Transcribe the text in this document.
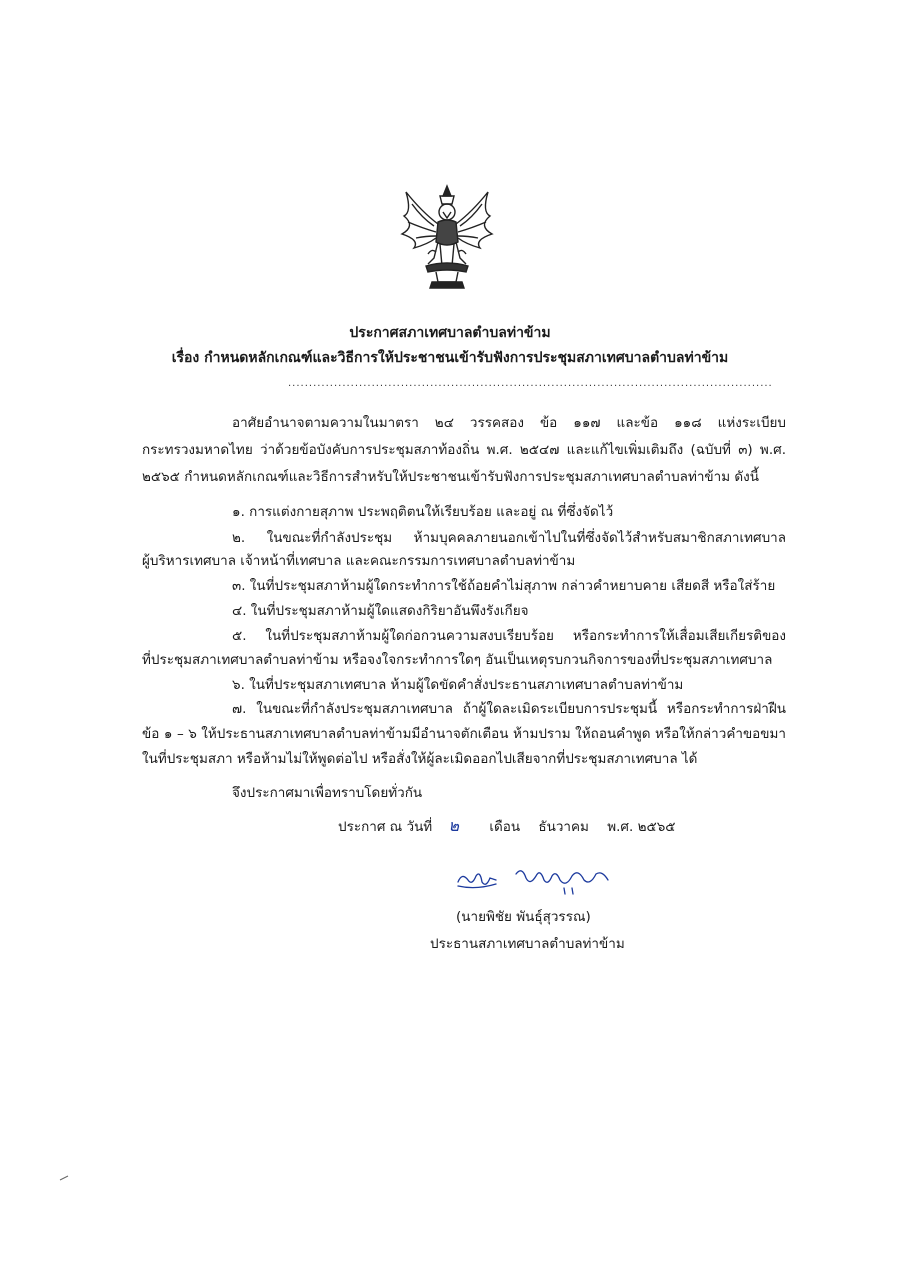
ประกาศสภาเทศบาลตำบลท่าข้าม
เรื่อง กำหนดหลักเกณฑ์และวิธีการให้ประชาชนเข้ารับฟังการประชุมสภาเทศบาลตำบลท่าข้าม
....................................................................................................................
อาศัยอำนาจตามความในมาตรา ๒๔ วรรคสอง ข้อ ๑๑๗ และข้อ ๑๑๘ แห่งระเบียบ
กระทรวงมหาดไทย ว่าด้วยข้อบังคับการประชุมสภาท้องถิ่น พ.ศ. ๒๕๔๗ และแก้ไขเพิ่มเติมถึง (ฉบับที่ ๓) พ.ศ.
๒๕๖๕ กำหนดหลักเกณฑ์และวิธีการสำหรับให้ประชาชนเข้ารับฟังการประชุมสภาเทศบาลตำบลท่าข้าม ดังนี้
๑. การแต่งกายสุภาพ ประพฤติตนให้เรียบร้อย และอยู่ ณ ที่ซึ่งจัดไว้
๒. ในขณะที่กำลังประชุม ห้ามบุคคลภายนอกเข้าไปในที่ซึ่งจัดไว้สำหรับสมาชิกสภาเทศบาล
ผู้บริหารเทศบาล เจ้าหน้าที่เทศบาล และคณะกรรมการเทศบาลตำบลท่าข้าม
๓. ในที่ประชุมสภาห้ามผู้ใดกระทำการใช้ถ้อยคำไม่สุภาพ กล่าวคำหยาบคาย เสียดสี หรือใส่ร้าย
๔. ในที่ประชุมสภาห้ามผู้ใดแสดงกิริยาอันพึงรังเกียจ
๕. ในที่ประชุมสภาห้ามผู้ใดก่อกวนความสงบเรียบร้อย หรือกระทำการให้เสื่อมเสียเกียรติของ
ที่ประชุมสภาเทศบาลตำบลท่าข้าม หรือจงใจกระทำการใดๆ อันเป็นเหตุรบกวนกิจการของที่ประชุมสภาเทศบาล
๖. ในที่ประชุมสภาเทศบาล ห้ามผู้ใดขัดคำสั่งประธานสภาเทศบาลตำบลท่าข้าม
๗. ในขณะที่กำลังประชุมสภาเทศบาล ถ้าผู้ใดละเมิดระเบียบการประชุมนี้ หรือกระทำการฝ่าฝืน
ข้อ ๑ – ๖ ให้ประธานสภาเทศบาลตำบลท่าข้ามมีอำนาจตักเตือน ห้ามปราม ให้ถอนคำพูด หรือให้กล่าวคำขอขมา
ในที่ประชุมสภา หรือห้ามไม่ให้พูดต่อไป หรือสั่งให้ผู้ละเมิดออกไปเสียจากที่ประชุมสภาเทศบาล ได้
จึงประกาศมาเพื่อทราบโดยทั่วกัน
ประกาศ ณ วันที่ ๒ เดือน ธันวาคม พ.ศ. ๒๕๖๕
(นายพิชัย พันธุ์สุวรรณ)
ประธานสภาเทศบาลตำบลท่าข้าม
